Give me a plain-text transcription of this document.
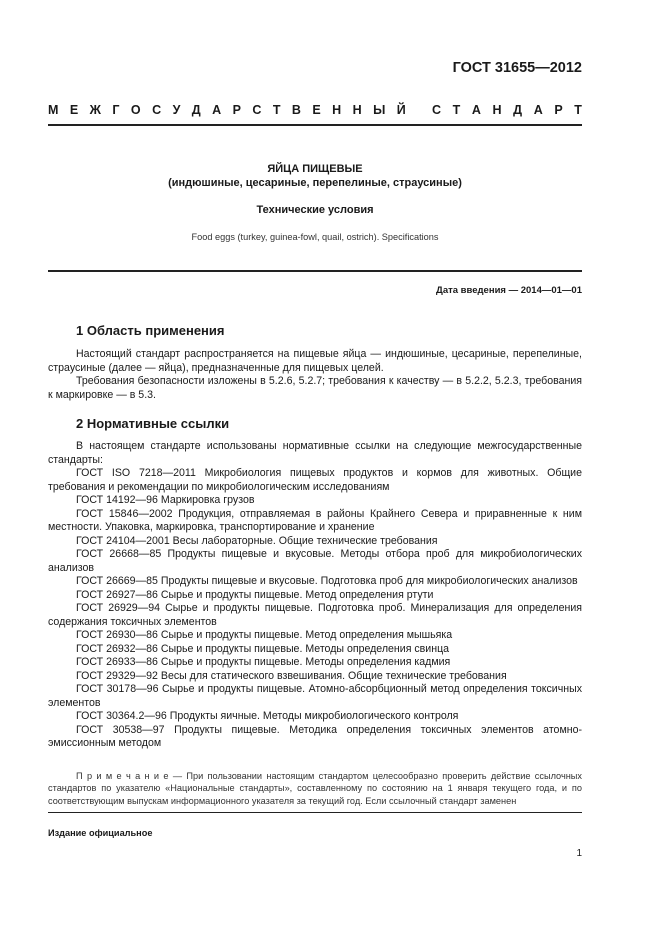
ГОСТ 31655—2012
М Е Ж Г О С У Д А Р С Т В Е Н Н Ы Й С Т А Н Д А Р Т
ЯЙЦА ПИЩЕВЫЕ
(индюшиные, цесариные, перепелиные, страусиные)
Технические условия
Food eggs (turkey, guinea-fowl, quail, ostrich). Specifications
Дата введения — 2014—01—01
1 Область применения

Настоящий стандарт распространяется на пищевые яйца — индюшиные, цесариные, перепелиные, страусиные (далее — яйца), предназначенные для пищевых целей.

Требования безопасности изложены в 5.2.6, 5.2.7; требования к качеству — в 5.2.2, 5.2.3, требования к маркировке — в 5.3.

2 Нормативные ссылки

В настоящем стандарте использованы нормативные ссылки на следующие межгосударственные стандарты:

ГОСТ ISO 7218—2011 Микробиология пищевых продуктов и кормов для животных. Общие требования и рекомендации по микробиологическим исследованиям

ГОСТ 14192—96 Маркировка грузов

ГОСТ 15846—2002 Продукция, отправляемая в районы Крайнего Севера и приравненные к ним местности. Упаковка, маркировка, транспортирование и хранение

ГОСТ 24104—2001 Весы лабораторные. Общие технические требования

ГОСТ 26668—85 Продукты пищевые и вкусовые. Методы отбора проб для микробиологических анализов

ГОСТ 26669—85 Продукты пищевые и вкусовые. Подготовка проб для микробиологических анализов

ГОСТ 26927—86 Сырье и продукты пищевые. Метод определения ртути

ГОСТ 26929—94 Сырье и продукты пищевые. Подготовка проб. Минерализация для определения содержания токсичных элементов

ГОСТ 26930—86 Сырье и продукты пищевые. Метод определения мышьяка

ГОСТ 26932—86 Сырье и продукты пищевые. Методы определения свинца

ГОСТ 26933—86 Сырье и продукты пищевые. Методы определения кадмия

ГОСТ 29329—92 Весы для статического взвешивания. Общие технические требования

ГОСТ 30178—96 Сырье и продукты пищевые. Атомно-абсорбционный метод определения токсичных элементов

ГОСТ 30364.2—96 Продукты яичные. Методы микробиологического контроля

ГОСТ 30538—97 Продукты пищевые. Методика определения токсичных элементов атомно-эмиссионным методом

П р и м е ч а н и е — При пользовании настоящим стандартом целесообразно проверить действие ссылочных стандартов по указателю «Национальные стандарты», составленному по состоянию на 1 января текущего года, и по соответствующим выпускам информационного указателя за текущий год. Если ссылочный стандарт заменен

Издание официальное
1
